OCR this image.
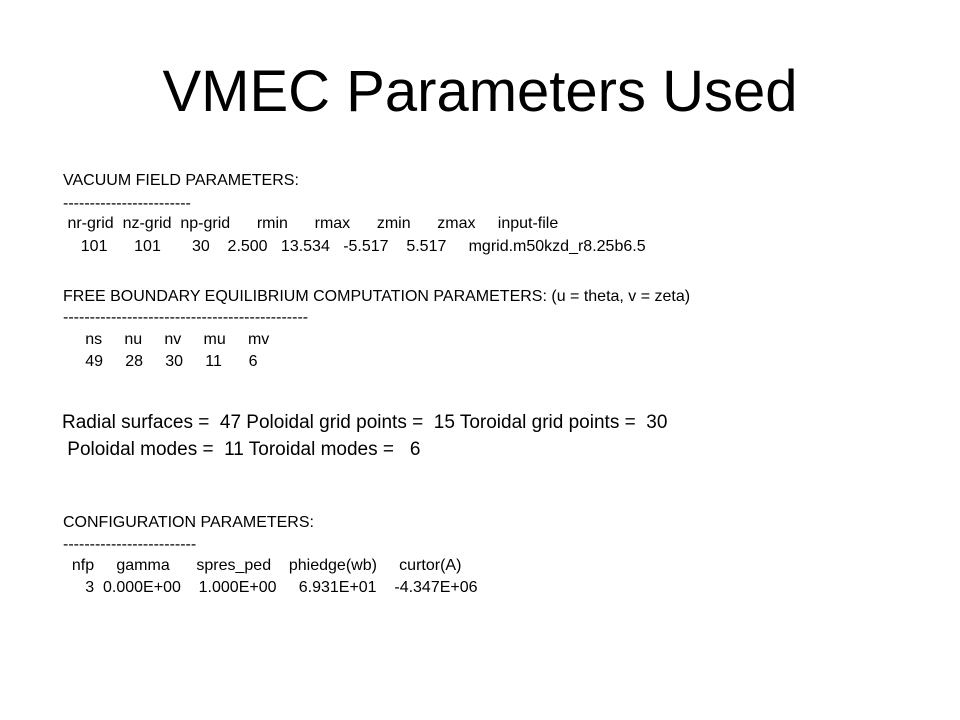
VMEC Parameters Used
VACUUM FIELD PARAMETERS:
------------------------
nr-grid  nz-grid  np-grid      rmin      rmax      zmin      zmax     input-file
101      101       30    2.500   13.534   -5.517    5.517     mgrid.m50kzd_r8.25b6.5
FREE BOUNDARY EQUILIBRIUM COMPUTATION PARAMETERS: (u = theta, v = zeta)
----------------------------------------------
ns     nu     nv     mu     mv
49     28     30     11      6
Radial surfaces =  47 Poloidal grid points =  15 Toroidal grid points =  30
Poloidal modes =  11 Toroidal modes =   6
CONFIGURATION PARAMETERS:
-------------------------
nfp     gamma      spres_ped    phiedge(wb)     curtor(A)
3  0.000E+00    1.000E+00     6.931E+01    -4.347E+06
